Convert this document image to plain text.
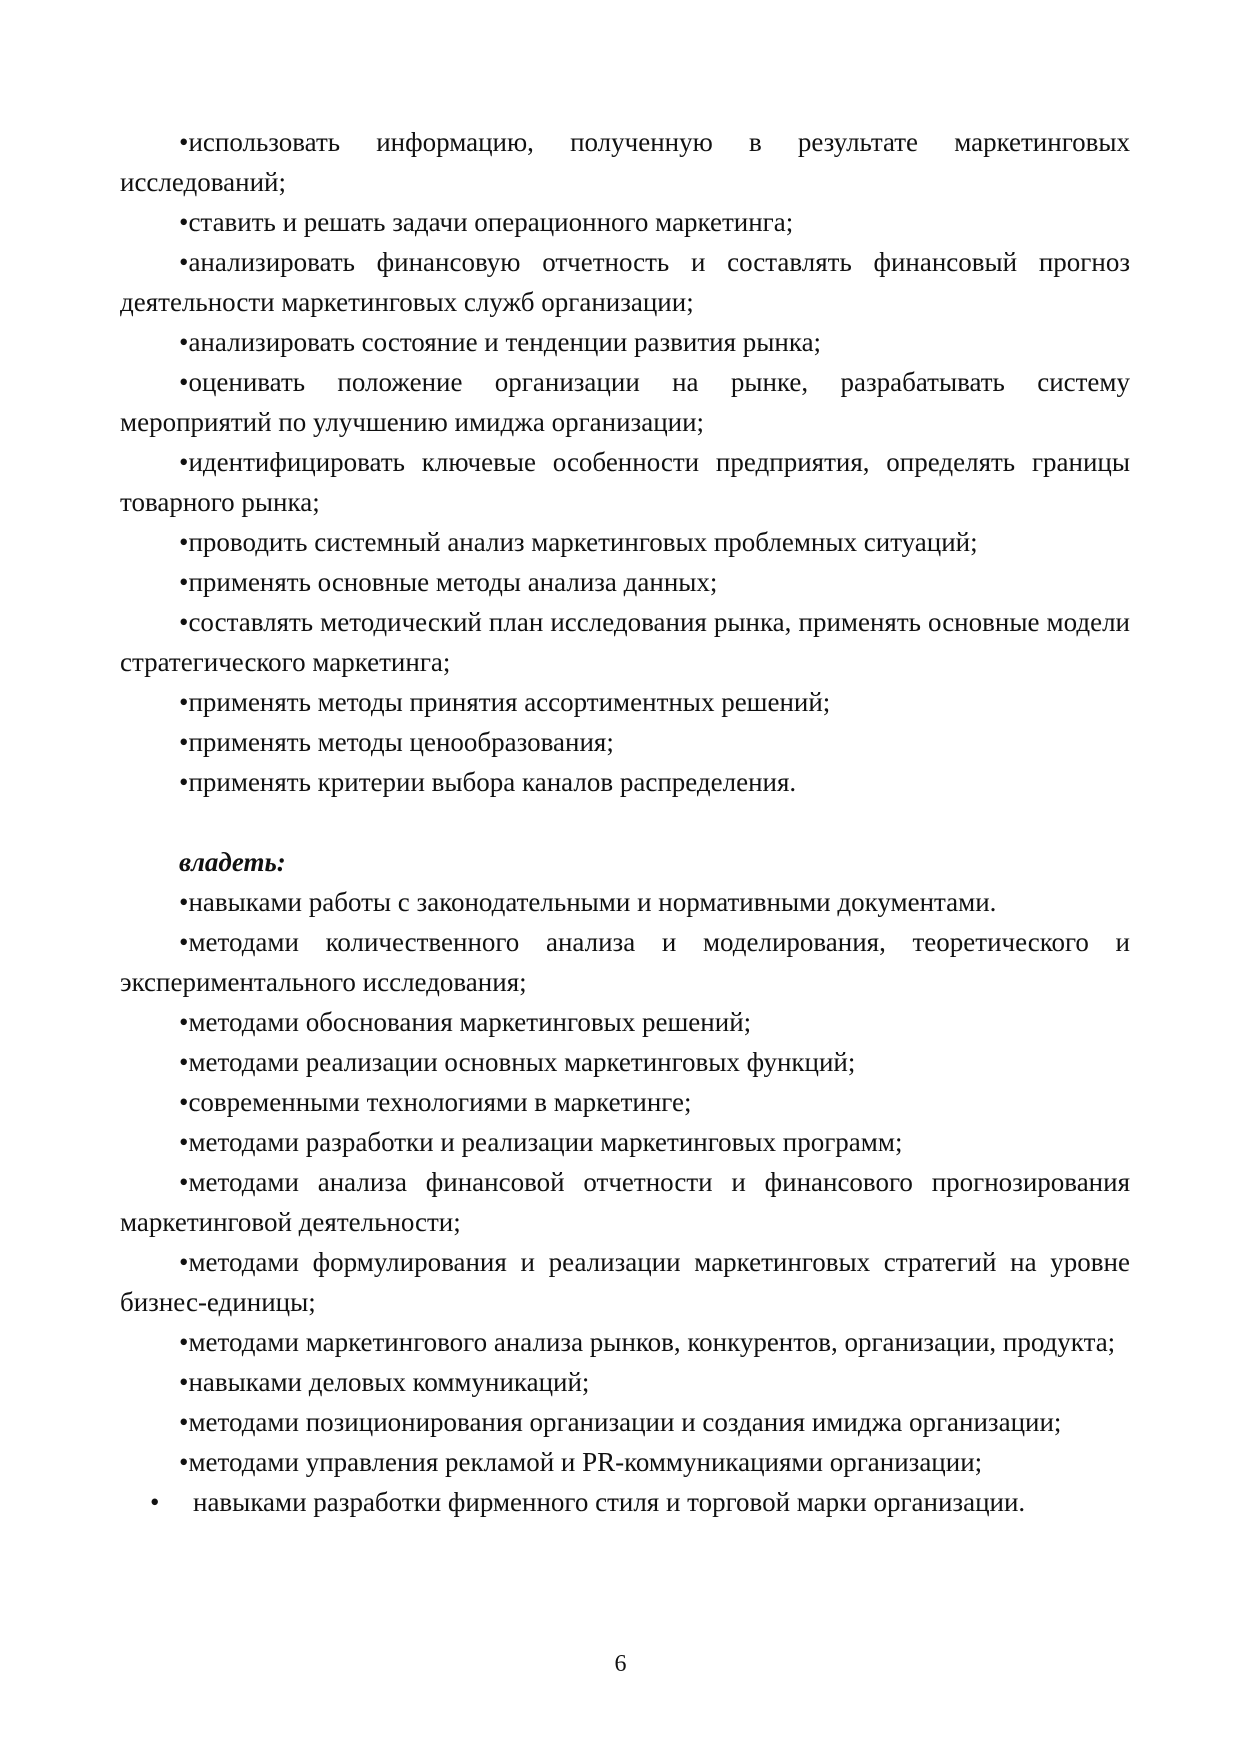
•использовать информацию, полученную в результате маркетинговых исследований;

•ставить и решать задачи операционного маркетинга;

•анализировать финансовую отчетность и составлять финансовый прогноз деятельности маркетинговых служб организации;

•анализировать состояние и тенденции развития рынка;

•оценивать положение организации на рынке, разрабатывать систему мероприятий по улучшению имиджа организации;

•идентифицировать ключевые особенности предприятия, определять границы товарного рынка;

•проводить системный анализ маркетинговых проблемных ситуаций;

•применять основные методы анализа данных;

•составлять методический план исследования рынка, применять основные модели стратегического маркетинга;

•применять методы принятия ассортиментных решений;

•применять методы ценообразования;

•применять критерии выбора каналов распределения.

владеть:

•навыками работы с законодательными и нормативными документами.

•методами количественного анализа и моделирования, теоретического и экспериментального исследования;

•методами обоснования маркетинговых решений;

•методами реализации основных маркетинговых функций;

•современными технологиями в маркетинге;

•методами разработки и реализации маркетинговых программ;

•методами анализа финансовой отчетности и финансового прогнозирования маркетинговой деятельности;

•методами формулирования и реализации маркетинговых стратегий на уровне бизнес-единицы;

•методами маркетингового анализа рынков, конкурентов, организации, продукта;

•навыками деловых коммуникаций;

•методами позиционирования организации и создания имиджа организации;

•методами управления рекламой и PR-коммуникациями организации;

• навыками разработки фирменного стиля и торговой марки организации.

6
